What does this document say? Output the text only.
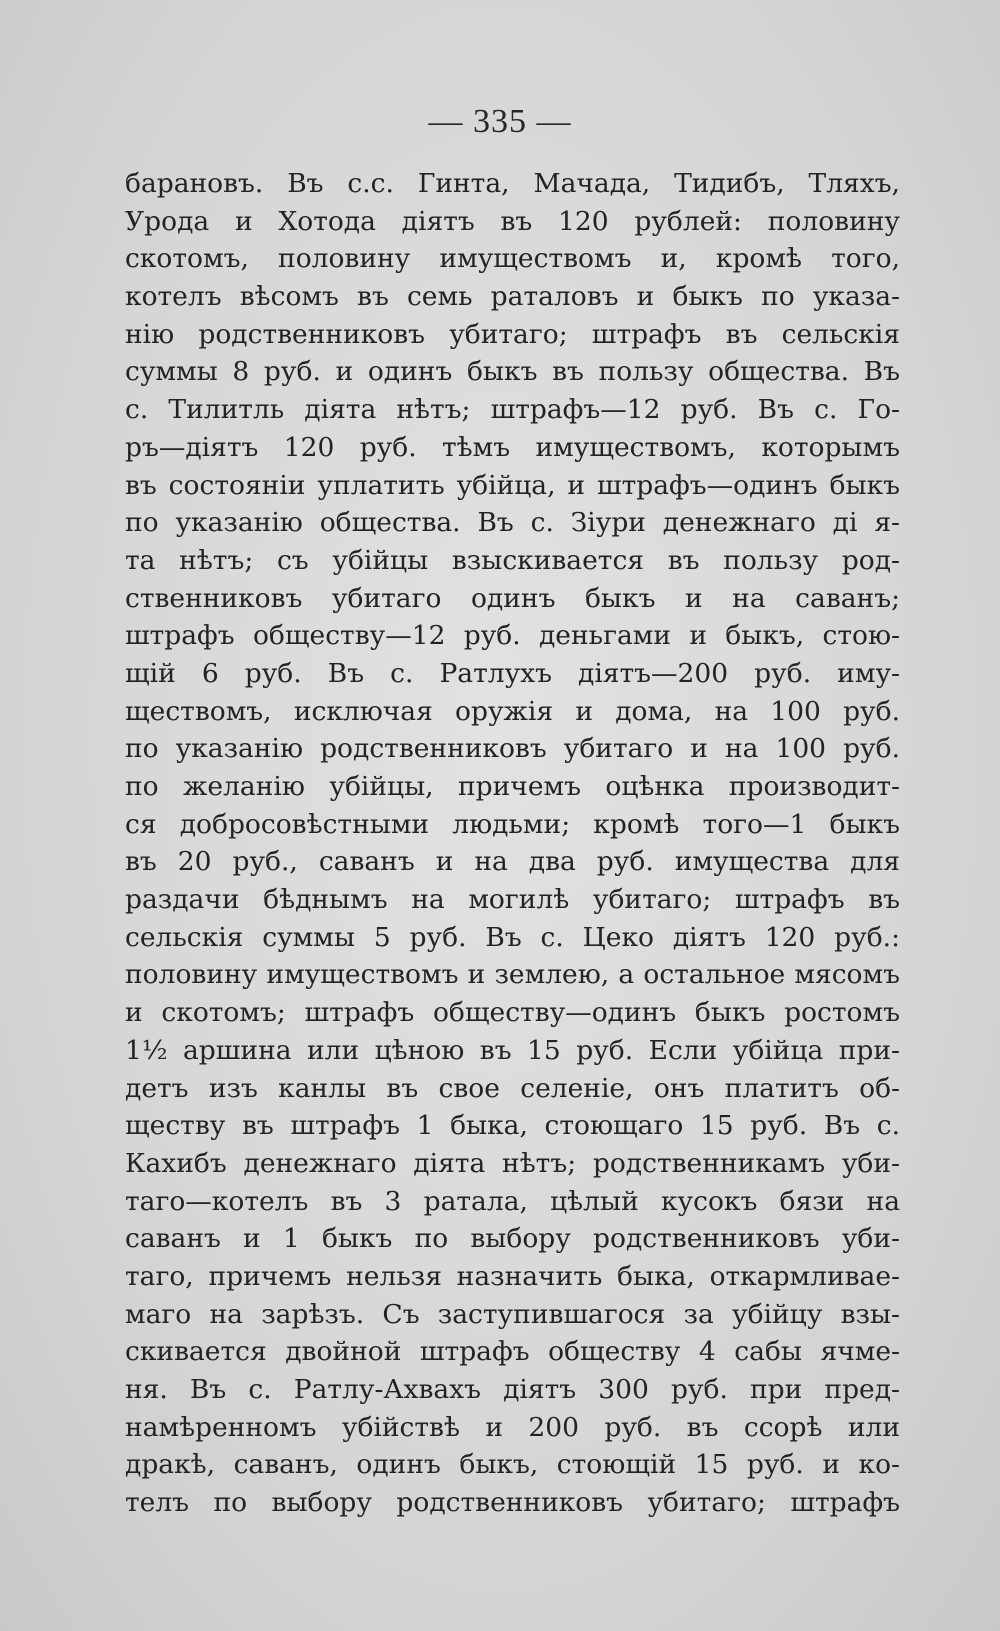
— 335 —
барановъ. Въ с.с. Гинта, Мачада, Тидибъ, Тляхъ,
Урода и Хотода діятъ въ 120 рублей: половину
скотомъ, половину имуществомъ и, кромѣ того,
котелъ вѣсомъ въ семь раталовъ и быкъ по указа-
нію родственниковъ убитаго; штрафъ въ сельскія
суммы 8 руб. и одинъ быкъ въ пользу общества. Въ
с. Тилитль діята нѣтъ; штрафъ—12 руб. Въ с. Го-
ръ—діятъ 120 руб. тѣмъ имуществомъ, которымъ
въ состояніи уплатить убійца, и штрафъ—одинъ быкъ
по указанію общества. Въ с. Зіури денежнаго ді я-
та нѣтъ; съ убійцы взыскивается въ пользу род-
ственниковъ убитаго одинъ быкъ и на саванъ;
штрафъ обществу—12 руб. деньгами и быкъ, стою-
щій 6 руб. Въ с. Ратлухъ діятъ—200 руб. иму-
ществомъ, исключая оружія и дома, на 100 руб.
по указанію родственниковъ убитаго и на 100 руб.
по желанію убійцы, причемъ оцѣнка производит-
ся добросовѣстными людьми; кромѣ того—1 быкъ
въ 20 руб., саванъ и на два руб. имущества для
раздачи бѣднымъ на могилѣ убитаго; штрафъ въ
сельскія суммы 5 руб. Въ с. Цеко діятъ 120 руб.:
половину имуществомъ и землею, а остальное мясомъ
и скотомъ; штрафъ обществу—одинъ быкъ ростомъ
1½ аршина или цѣною въ 15 руб. Если убійца при-
детъ изъ канлы въ свое селеніе, онъ платитъ об-
ществу въ штрафъ 1 быка, стоющаго 15 руб. Въ с.
Кахибъ денежнаго діята нѣтъ; родственникамъ уби-
таго—котелъ въ 3 ратала, цѣлый кусокъ бязи на
саванъ и 1 быкъ по выбору родственниковъ уби-
таго, причемъ нельзя назначить быка, откармливае-
маго на зарѣзъ. Съ заступившагося за убійцу взы-
скивается двойной штрафъ обществу 4 сабы ячме-
ня. Въ с. Ратлу-Ахвахъ діятъ 300 руб. при пред-
намѣренномъ убійствѣ и 200 руб. въ ссорѣ или
дракѣ, саванъ, одинъ быкъ, стоющій 15 руб. и ко-
телъ по выбору родственниковъ убитаго; штрафъ
